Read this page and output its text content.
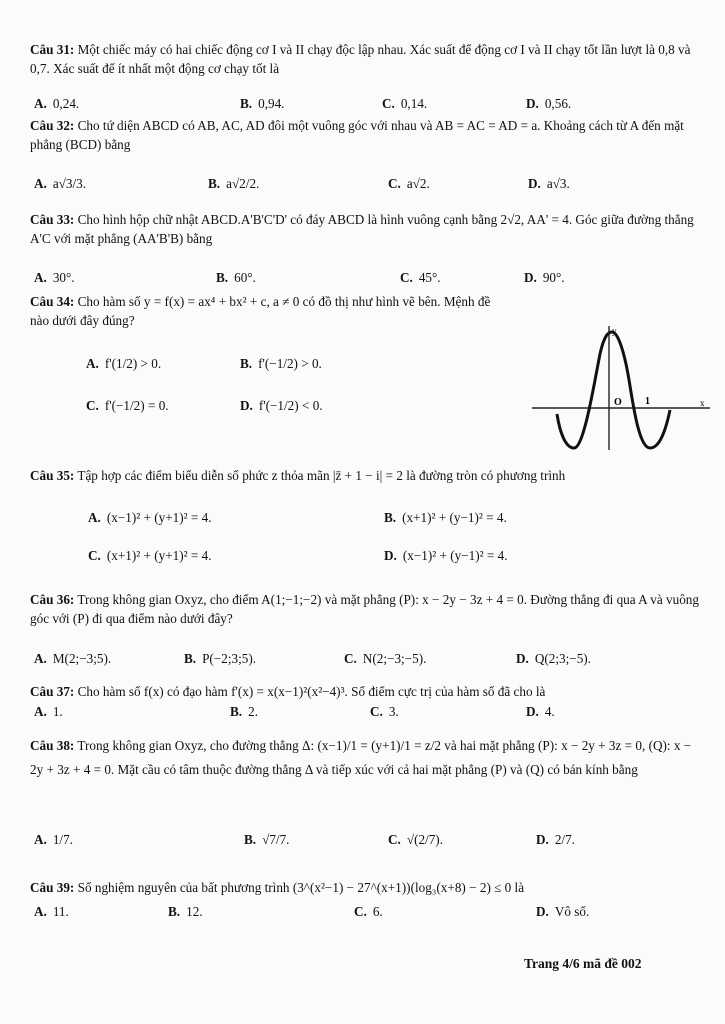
Câu 31: Một chiếc máy có hai chiếc động cơ I và II chạy độc lập nhau. Xác suất để động cơ I và II chạy tốt lần lượt là 0,8 và 0,7. Xác suất để ít nhất một động cơ chạy tốt là
A. 0,24.	B. 0,94.	C. 0,14.	D. 0,56.
Câu 32: Cho tứ diện ABCD có AB, AC, AD đôi một vuông góc với nhau và AB = AC = AD = a. Khoảng cách từ A đến mặt phẳng (BCD) bằng
A. a√3/3.	B. a√2/2.	C. a√2.	D. a√3.
Câu 33: Cho hình hộp chữ nhật ABCD.A'B'C'D' có đáy ABCD là hình vuông cạnh bằng 2√2, AA' = 4. Góc giữa đường thẳng A'C với mặt phẳng (AA'B'B) bằng
A. 30°.	B. 60°.	C. 45°.	D. 90°.
Câu 34: Cho hàm số y = f(x) = ax⁴ + bx² + c, a ≠ 0 có đồ thị như hình vẽ bên. Mệnh đề nào dưới đây đúng?
A. f'(1/2) > 0.	B. f'(−1/2) > 0.
C. f'(−1/2) = 0.	D. f'(−1/2) < 0.
y
x
O 1
Câu 35: Tập hợp các điểm biểu diễn số phức z thỏa mãn |z̄ + 1 − i| = 2 là đường tròn có phương trình
A. (x−1)² + (y+1)² = 4.	B. (x+1)² + (y−1)² = 4.
C. (x+1)² + (y+1)² = 4.	D. (x−1)² + (y−1)² = 4.
Câu 36: Trong không gian Oxyz, cho điểm A(1;−1;−2) và mặt phẳng (P): x − 2y − 3z + 4 = 0. Đường thẳng đi qua A và vuông góc với (P) đi qua điểm nào dưới đây?
A. M(2;−3;5).	B. P(−2;3;5).	C. N(2;−3;−5).	D. Q(2;3;−5).
Câu 37: Cho hàm số f(x) có đạo hàm f'(x) = x(x−1)²(x²−4)³. Số điểm cực trị của hàm số đã cho là
A. 1.	B. 2.	C. 3.	D. 4.
Câu 38: Trong không gian Oxyz, cho đường thẳng Δ: (x−1)/1 = (y+1)/1 = z/2 và hai mặt phẳng (P): x − 2y + 3z = 0, (Q): x − 2y + 3z + 4 = 0. Mặt cầu có tâm thuộc đường thẳng Δ và tiếp xúc với cả hai mặt phẳng (P) và (Q) có bán kính bằng
A. 1/7.	B. √7/7.	C. √(2/7).	D. 2/7.
Câu 39: Số nghiệm nguyên của bất phương trình (3^(x²−1) − 27^(x+1))(log₃(x+8) − 2) ≤ 0 là
A. 11.	B. 12.	C. 6.	D. Vô số.
Trang 4/6 mã đề 002
